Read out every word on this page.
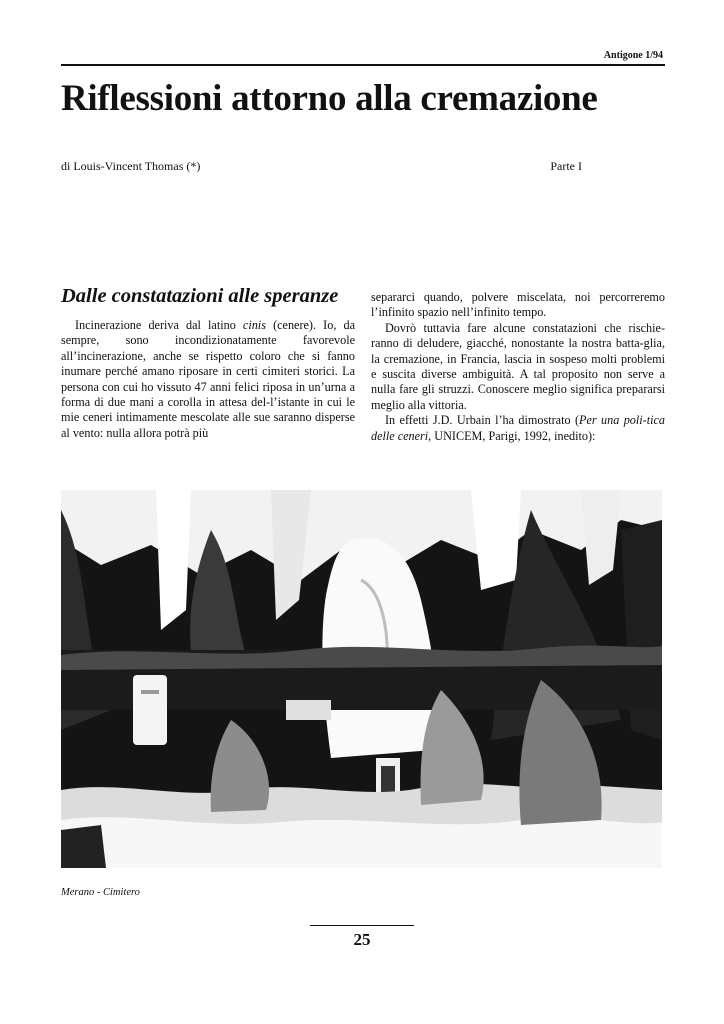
Antigone 1/94
Riflessioni attorno alla cremazione
di Louis-Vincent Thomas (*)	Parte I
Dalle constatazioni alle speranze

Incinerazione deriva dal latino cinis (cenere). Io, da sempre, sono incondizionatamente favorevole all’incinerazione, anche se rispetto coloro che si fanno inumare perché amano riposare in certi cimiteri storici. La persona con cui ho vissuto 47 anni felici riposa in un’urna a forma di due mani a corolla in attesa del-l’istante in cui le mie ceneri intimamente mescolate alle sue saranno disperse al vento: nulla allora potrà più

separarci quando, polvere miscelata, noi percorreremo l’infinito spazio nell’infinito tempo.

Dovrò tuttavia fare alcune constatazioni che rischie-ranno di deludere, giacché, nonostante la nostra batta-glia, la cremazione, in Francia, lascia in sospeso molti problemi e suscita diverse ambiguità. A tal proposito non serve a nulla fare gli struzzi. Conoscere meglio significa prepararsi meglio alla vittoria.

In effetti J.D. Urbain l’ha dimostrato (Per una poli-tica delle ceneri, UNICEM, Parigi, 1992, inedito):

Merano - Cimitero
25
